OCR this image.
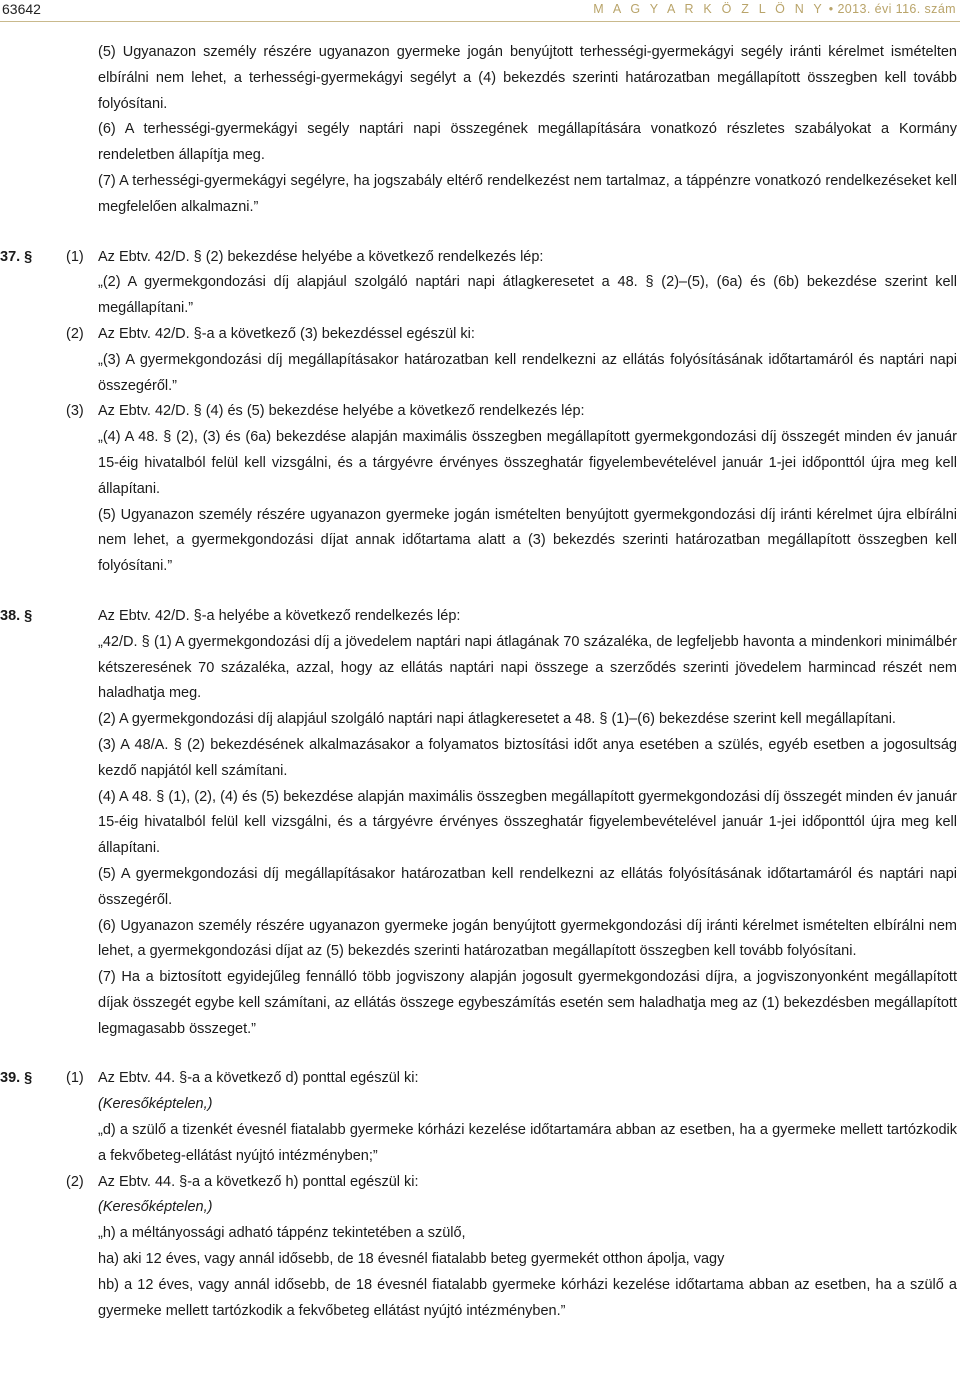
63642	M A G Y A R K Ö Z L Ö N Y • 2013. évi 116. szám

(5) Ugyanazon személy részére ugyanazon gyermeke jogán benyújtott terhességi-gyermekágyi segély iránti kérelmet ismételten elbírálni nem lehet, a terhességi-gyermekágyi segélyt a (4) bekezdés szerinti határozatban megállapított összegben kell tovább folyósítani.

(6) A terhességi-gyermekágyi segély naptári napi összegének megállapítására vonatkozó részletes szabályokat a Kormány rendeletben állapítja meg.

(7) A terhességi-gyermekágyi segélyre, ha jogszabály eltérő rendelkezést nem tartalmaz, a táppénzre vonatkozó rendelkezéseket kell megfelelően alkalmazni.”

37. § (1) Az Ebtv. 42/D. § (2) bekezdése helyébe a következő rendelkezés lép:

„(2) A gyermekgondozási díj alapjául szolgáló naptári napi átlagkeresetet a 48. § (2)–(5), (6a) és (6b) bekezdése szerint kell megállapítani.”

(2) Az Ebtv. 42/D. §-a a következő (3) bekezdéssel egészül ki:

„(3) A gyermekgondozási díj megállapításakor határozatban kell rendelkezni az ellátás folyósításának időtartamáról és naptári napi összegéről.”

(3) Az Ebtv. 42/D. § (4) és (5) bekezdése helyébe a következő rendelkezés lép:

„(4) A 48. § (2), (3) és (6a) bekezdése alapján maximális összegben megállapított gyermekgondozási díj összegét minden év január 15-éig hivatalból felül kell vizsgálni, és a tárgyévre érvényes összeghatár figyelembevételével január 1-jei időponttól újra meg kell állapítani.

(5) Ugyanazon személy részére ugyanazon gyermeke jogán ismételten benyújtott gyermekgondozási díj iránti kérelmet újra elbírálni nem lehet, a gyermekgondozási díjat annak időtartama alatt a (3) bekezdés szerinti határozatban megállapított összegben kell folyósítani.”

38. §	Az Ebtv. 42/D. §-a helyébe a következő rendelkezés lép:

„42/D. § (1) A gyermekgondozási díj a jövedelem naptári napi átlagának 70 százaléka, de legfeljebb havonta a mindenkori minimálbér kétszeresének 70 százaléka, azzal, hogy az ellátás naptári napi összege a szerződés szerinti jövedelem harmincad részét nem haladhatja meg.

(2) A gyermekgondozási díj alapjául szolgáló naptári napi átlagkeresetet a 48. § (1)–(6) bekezdése szerint kell megállapítani.

(3) A 48/A. § (2) bekezdésének alkalmazásakor a folyamatos biztosítási időt anya esetében a szülés, egyéb esetben a jogosultság kezdő napjától kell számítani.

(4) A 48. § (1), (2), (4) és (5) bekezdése alapján maximális összegben megállapított gyermekgondozási díj összegét minden év január 15-éig hivatalból felül kell vizsgálni, és a tárgyévre érvényes összeghatár figyelembevételével január 1-jei időponttól újra meg kell állapítani.

(5) A gyermekgondozási díj megállapításakor határozatban kell rendelkezni az ellátás folyósításának időtartamáról és naptári napi összegéről.

(6) Ugyanazon személy részére ugyanazon gyermeke jogán benyújtott gyermekgondozási díj iránti kérelmet ismételten elbírálni nem lehet, a gyermekgondozási díjat az (5) bekezdés szerinti határozatban megállapított összegben kell tovább folyósítani.

(7) Ha a biztosított egyidejűleg fennálló több jogviszony alapján jogosult gyermekgondozási díjra, a jogviszonyonként megállapított díjak összegét egybe kell számítani, az ellátás összege egybeszámítás esetén sem haladhatja meg az (1) bekezdésben megállapított legmagasabb összeget.”

39. § (1) Az Ebtv. 44. §-a a következő d) ponttal egészül ki:

(Keresőképtelen,)

„d) a szülő a tizenkét évesnél fiatalabb gyermeke kórházi kezelése időtartamára abban az esetben, ha a gyermeke mellett tartózkodik a fekvőbeteg-ellátást nyújtó intézményben;”

(2) Az Ebtv. 44. §-a a következő h) ponttal egészül ki:

(Keresőképtelen,)

„h) a méltányossági adható táppénz tekintetében a szülő,

ha) aki 12 éves, vagy annál idősebb, de 18 évesnél fiatalabb beteg gyermekét otthon ápolja, vagy

hb) a 12 éves, vagy annál idősebb, de 18 évesnél fiatalabb gyermeke kórházi kezelése időtartama abban az esetben, ha a szülő a gyermeke mellett tartózkodik a fekvőbeteg ellátást nyújtó intézményben.”
